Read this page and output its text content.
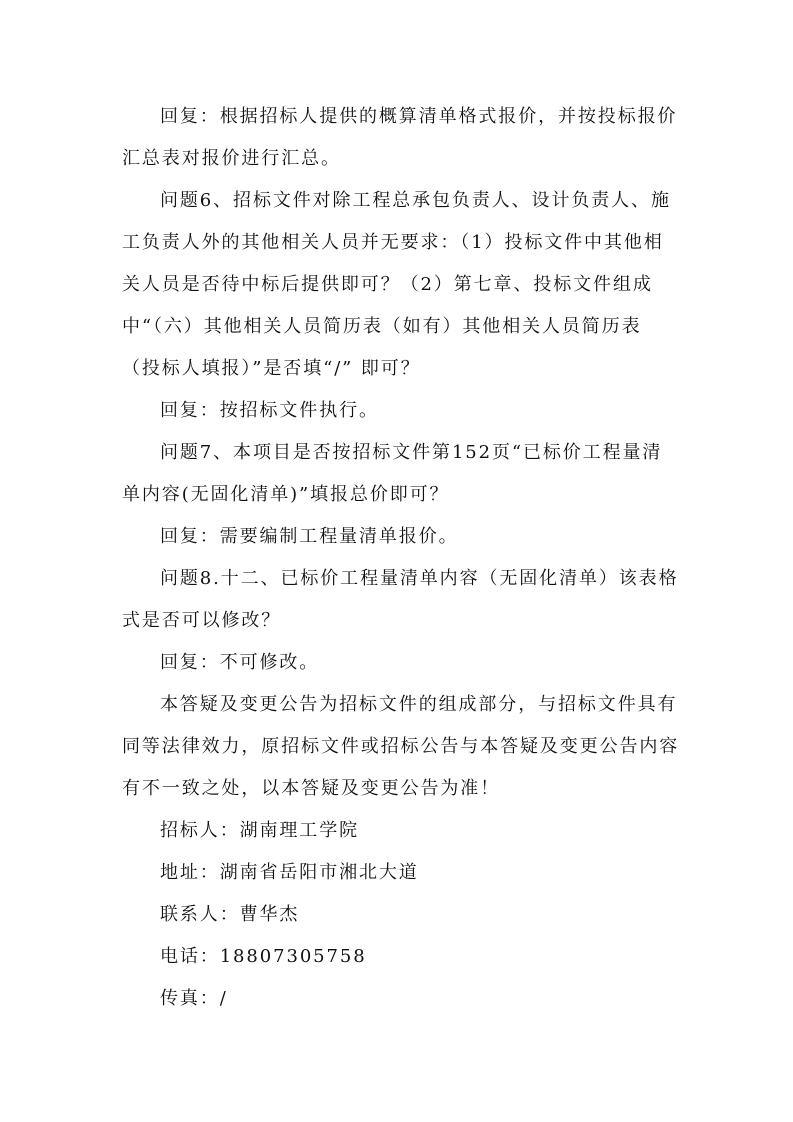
回复：根据招标人提供的概算清单格式报价，并按投标报价汇总表对报价进行汇总。

问题6、招标文件对除工程总承包负责人、设计负责人、施工负责人外的其他相关人员并无要求：（1）投标文件中其他相关人员是否待中标后提供即可？（2）第七章、投标文件组成中“（六）其他相关人员简历表（如有）其他相关人员简历表（投标人填报）”是否填“/” 即可？

回复：按招标文件执行。

问题7、本项目是否按招标文件第152页“已标价工程量清单内容(无固化清单)”填报总价即可？

回复：需要编制工程量清单报价。

问题8.十二、已标价工程量清单内容（无固化清单）该表格式是否可以修改？

回复：不可修改。

本答疑及变更公告为招标文件的组成部分，与招标文件具有同等法律效力，原招标文件或招标公告与本答疑及变更公告内容有不一致之处，以本答疑及变更公告为准！

招标人：湖南理工学院

地址：湖南省岳阳市湘北大道

联系人：曹华杰

电话：18807305758

传真：/
